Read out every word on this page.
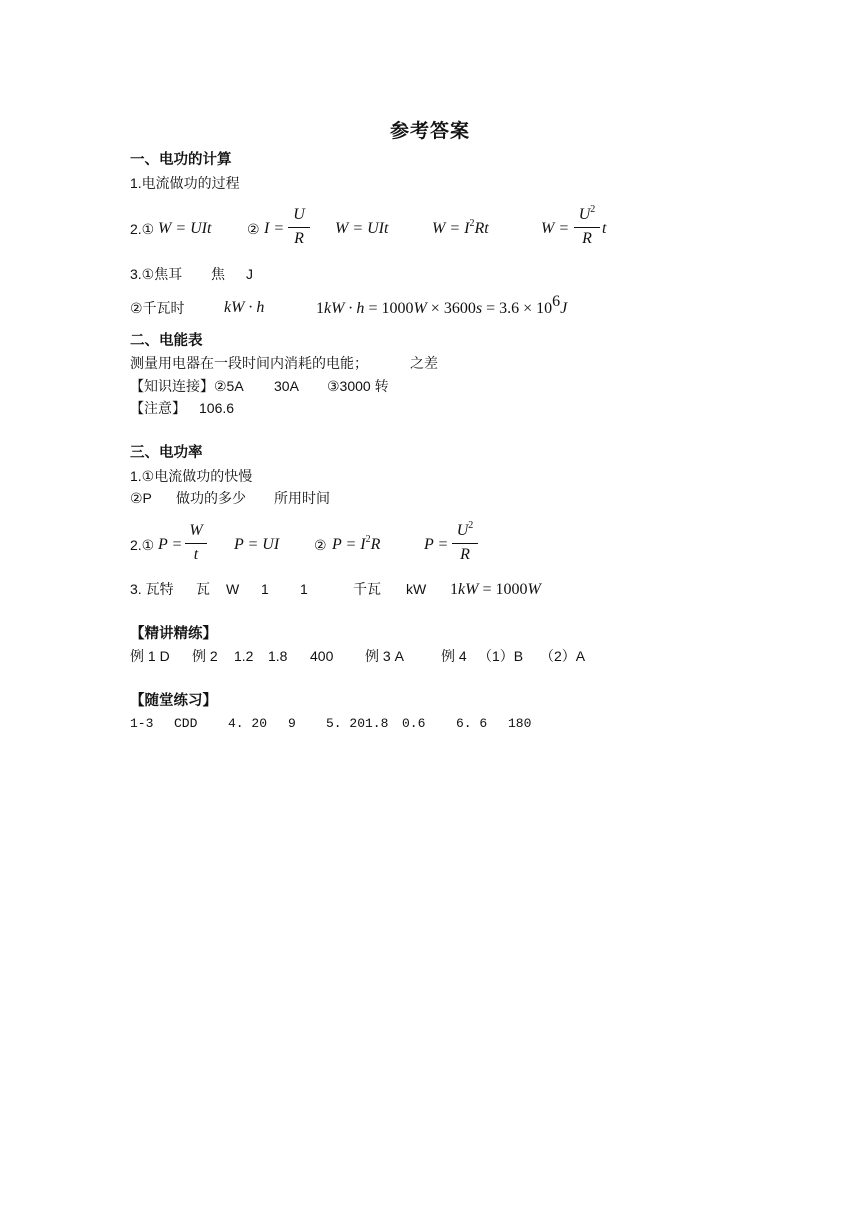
参考答案
一、电功的计算
1.电流做功的过程
2.① W = UIt	② I =
U
R
W = UIt	$W = I^2Rt$	W =
$U^2$
R
t
3.①焦耳 焦 J
②千瓦时 kW · h	$1kW \cdot h = 1000W \times 3600s = 3.6 \times 10^6J$
二、电能表
测量用电器在一段时间内消耗的电能；	之差
【知识连接】②5A 30A ③3000 转
【注意】 106.6
三、电功率
1.①电流做功的快慢
②P 做功的多少 所用时间
2.① P =
W
t
P = UI ② $P = I^2R$	P =
$U^2$
R
3. 瓦特 瓦 W 1 1	千瓦 kW 1kW = 1000W
【精讲精练】
例 1 D 例 2 1.2 1.8 400 例 3 A	例 4 （1）B （2）A
【随堂练习】
1-3 CDD 4. 20 9 5. 201.8 0.6 6. 6 180
